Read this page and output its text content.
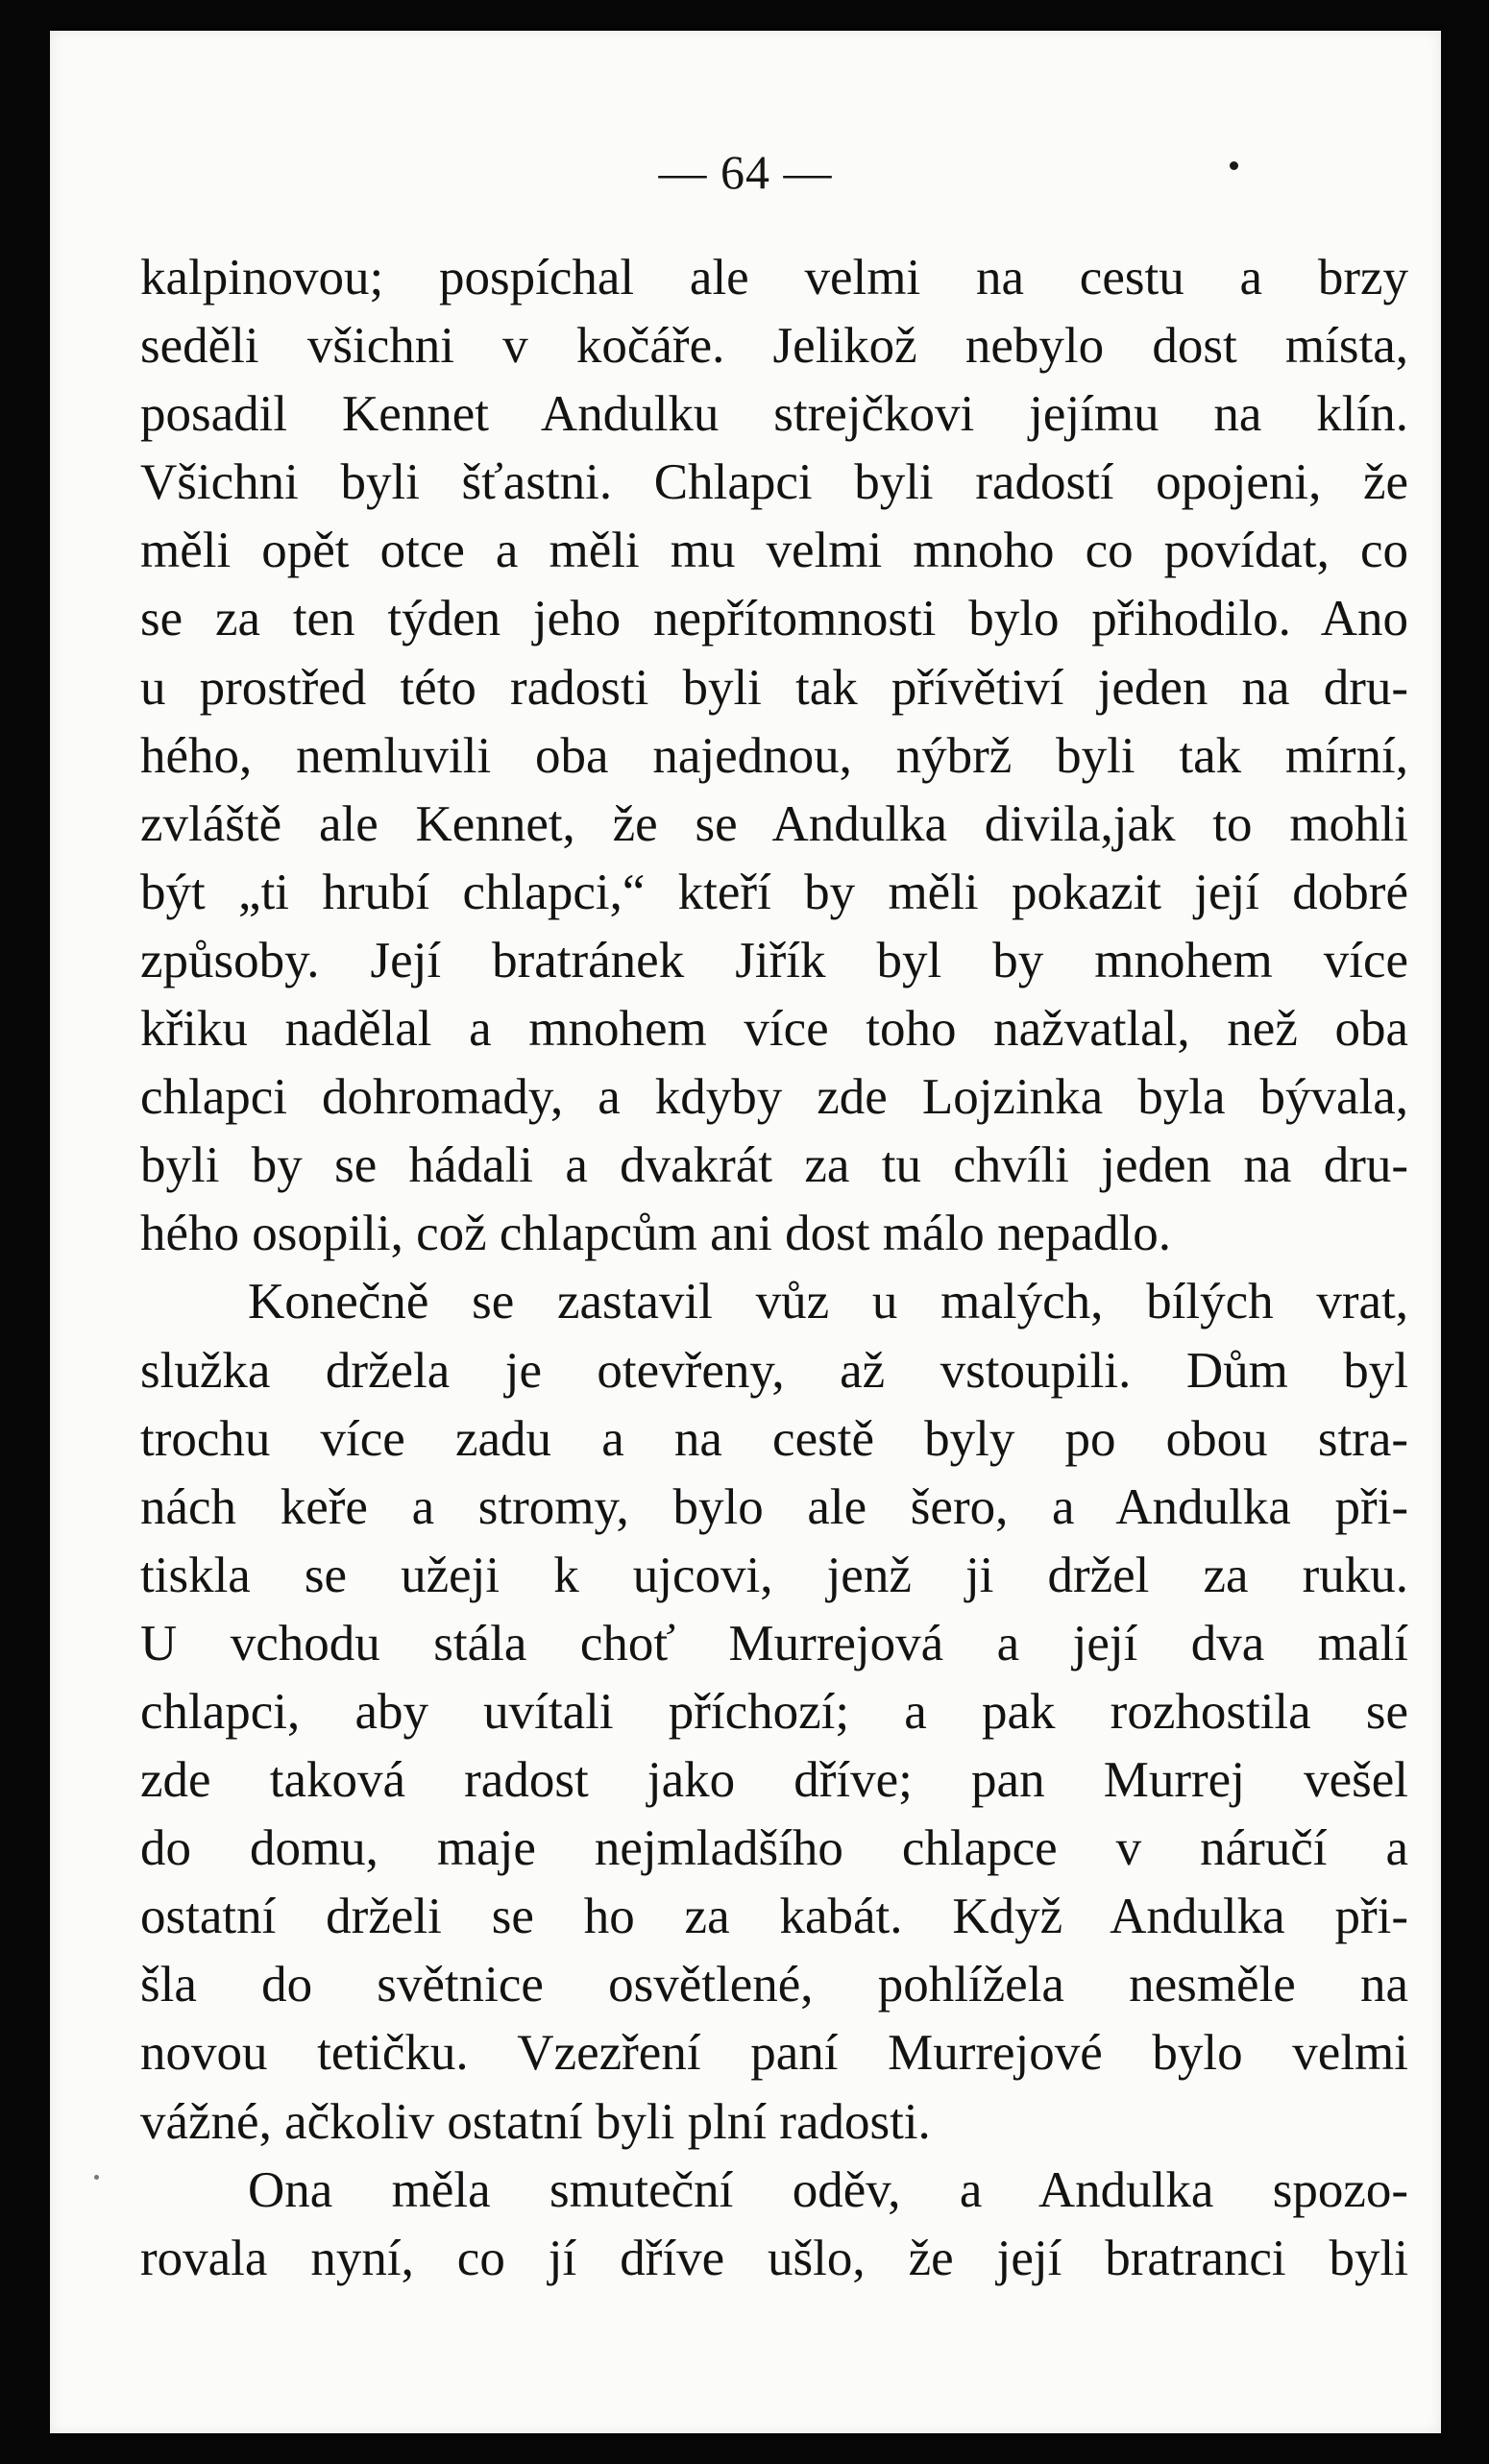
— 64 —
kalpinovou; pospíchal ale velmi na cestu a brzy
seděli všichni v kočáře. Jelikož nebylo dost místa,
posadil Kennet Andulku strejčkovi jejímu na klín.
Všichni byli šťastni. Chlapci byli radostí opojeni, že
měli opět otce a měli mu velmi mnoho co povídat, co
se za ten týden jeho nepřítomnosti bylo přihodilo. Ano
u prostřed této radosti byli tak přívětiví jeden na dru-
hého, nemluvili oba najednou, nýbrž byli tak mírní,
zvláště ale Kennet, že se Andulka divila,jak to mohli
být „ti hrubí chlapci,“ kteří by měli pokazit její dobré
způsoby. Její bratránek Jiřík byl by mnohem více
křiku nadělal a mnohem více toho nažvatlal, než oba
chlapci dohromady, a kdyby zde Lojzinka byla bývala,
byli by se hádali a dvakrát za tu chvíli jeden na dru-
hého osopili, což chlapcům ani dost málo nepadlo.
Konečně se zastavil vůz u malých, bílých vrat,
služka držela je otevřeny, až vstoupili. Dům byl
trochu více zadu a na cestě byly po obou stra-
nách keře a stromy, bylo ale šero, a Andulka při-
tiskla se užeji k ujcovi, jenž ji držel za ruku.
U vchodu stála choť Murrejová a její dva malí
chlapci, aby uvítali příchozí; a pak rozhostila se
zde taková radost jako dříve; pan Murrej vešel
do domu, maje nejmladšího chlapce v náručí a
ostatní drželi se ho za kabát. Když Andulka při-
šla do světnice osvětlené, pohlížela nesměle na
novou tetičku. Vzezření paní Murrejové bylo velmi
vážné, ačkoliv ostatní byli plní radosti.
Ona měla smuteční oděv, a Andulka spozo-
rovala nyní, co jí dříve ušlo, že její bratranci byli
